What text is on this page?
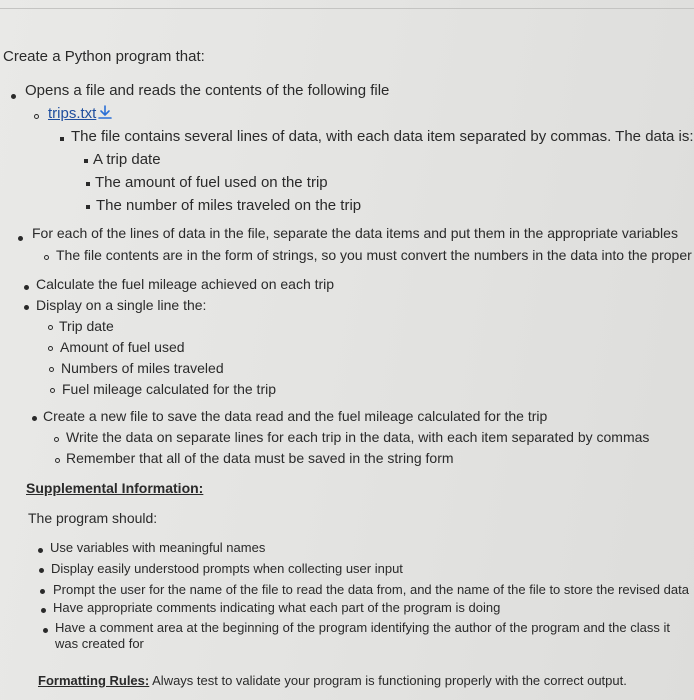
Create a Python program that:
Opens a file and reads the contents of the following file
trips.txt
The file contains several lines of data, with each data item separated by commas. The data is:
A trip date
The amount of fuel used on the trip
The number of miles traveled on the trip
For each of the lines of data in the file, separate the data items and put them in the appropriate variables
The file contents are in the form of strings, so you must convert the numbers in the data into the proper
Calculate the fuel mileage achieved on each trip
Display on a single line the:
Trip date
Amount of fuel used
Numbers of miles traveled
Fuel mileage calculated for the trip
Create a new file to save the data read and the fuel mileage calculated for the trip
Write the data on separate lines for each trip in the data, with each item separated by commas
Remember that all of the data must be saved in the string form
Supplemental Information:
The program should:
Use variables with meaningful names
Display easily understood prompts when collecting user input
Prompt the user for the name of the file to read the data from, and the name of the file to store the revised data
Have appropriate comments indicating what each part of the program is doing
Have a comment area at the beginning of the program identifying the author of the program and the class it
was created for
Formatting Rules: Always test to validate your program is functioning properly with the correct output.
